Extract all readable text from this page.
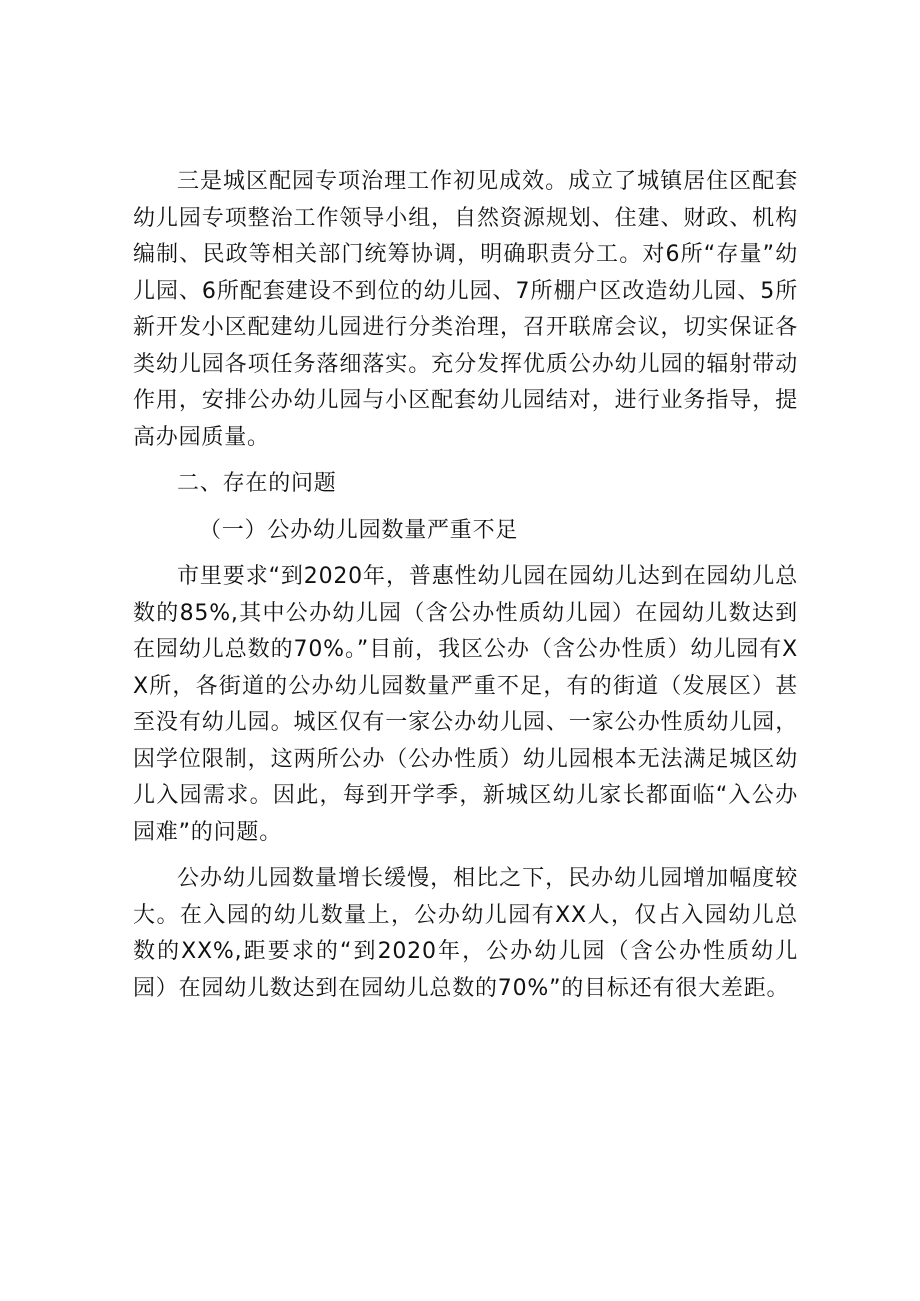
三是城区配园专项治理工作初见成效。成立了城镇居住区配套幼儿园专项整治工作领导小组，自然资源规划、住建、财政、机构编制、民政等相关部门统筹协调，明确职责分工。对6所“存量”幼儿园、6所配套建设不到位的幼儿园、7所棚户区改造幼儿园、5所新开发小区配建幼儿园进行分类治理，召开联席会议，切实保证各类幼儿园各项任务落细落实。充分发挥优质公办幼儿园的辐射带动作用，安排公办幼儿园与小区配套幼儿园结对，进行业务指导，提高办园质量。

二、存在的问题

（一）公办幼儿园数量严重不足

市里要求“到2020年，普惠性幼儿园在园幼儿达到在园幼儿总数的85%,其中公办幼儿园（含公办性质幼儿园）在园幼儿数达到在园幼儿总数的70%。”目前，我区公办（含公办性质）幼儿园有XX所，各街道的公办幼儿园数量严重不足，有的街道（发展区）甚至没有幼儿园。城区仅有一家公办幼儿园、一家公办性质幼儿园，因学位限制，这两所公办（公办性质）幼儿园根本无法满足城区幼儿入园需求。因此，每到开学季，新城区幼儿家长都面临“入公办园难”的问题。

公办幼儿园数量增长缓慢，相比之下，民办幼儿园增加幅度较大。在入园的幼儿数量上，公办幼儿园有XX人，仅占入园幼儿总数的XX%,距要求的“到2020年，公办幼儿园（含公办性质幼儿园）在园幼儿数达到在园幼儿总数的70%”的目标还有很大差距。
